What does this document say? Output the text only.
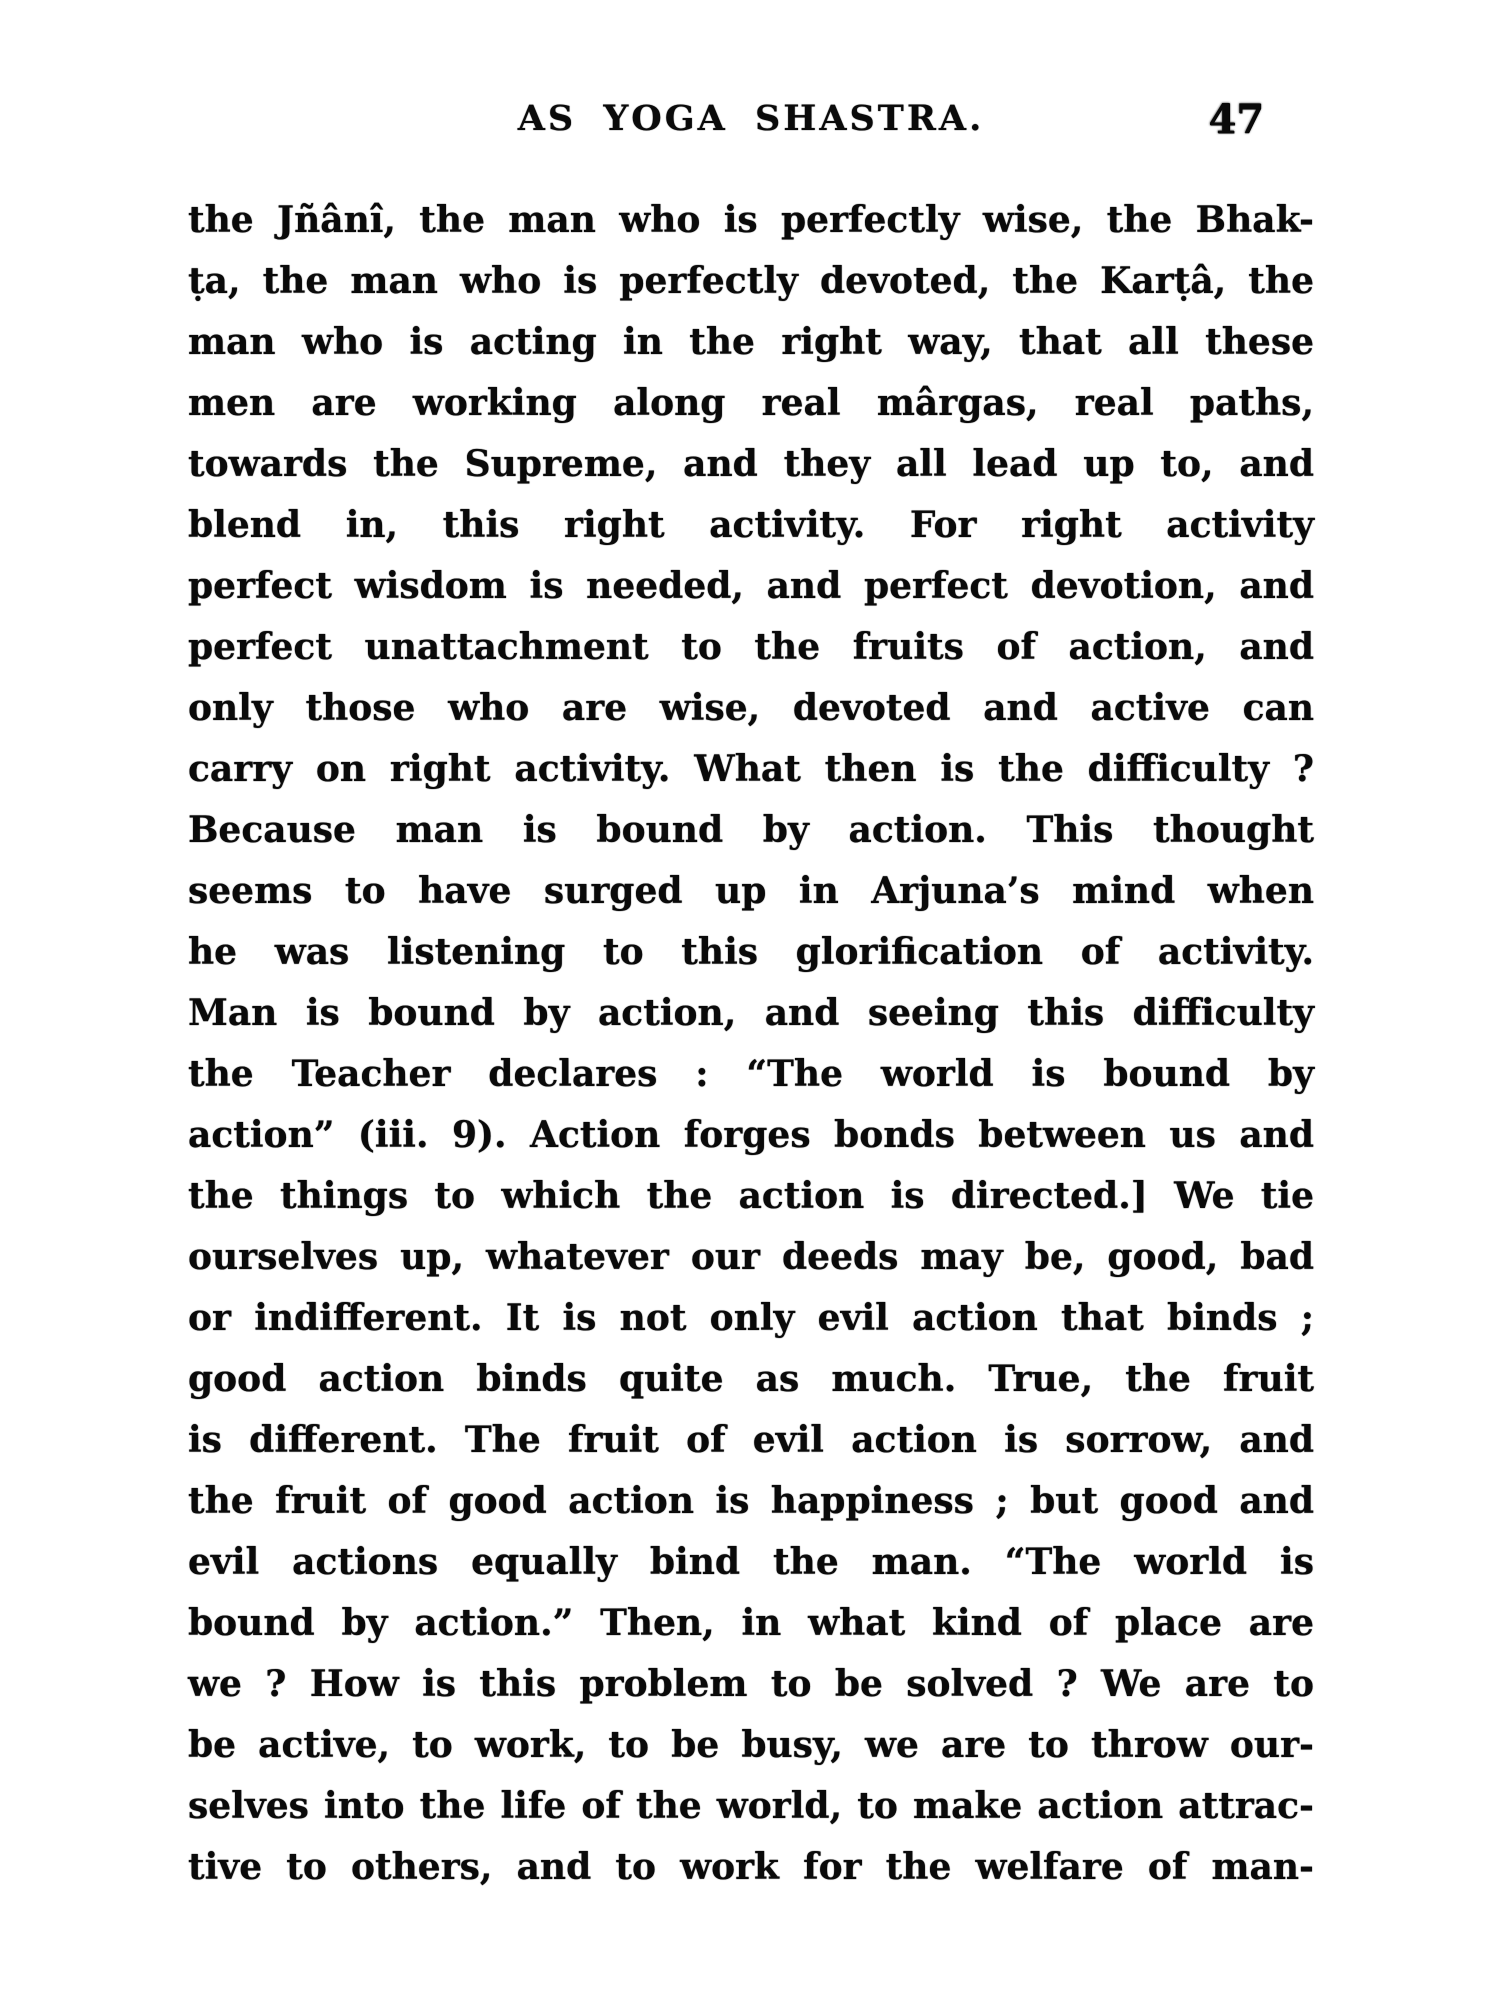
AS YOGA SHASTRA.	47
the Jñânî, the man who is perfectly wise, the Bhak-
ṭa, the man who is perfectly devoted, the Karṭâ, the
man who is acting in the right way, that all these
men are working along real mârgas, real paths,
towards the Supreme, and they all lead up to, and
blend in, this right activity. For right activity
perfect wisdom is needed, and perfect devotion, and
perfect unattachment to the fruits of action, and
only those who are wise, devoted and active can
carry on right activity. What then is the difficulty ?
Because man is bound by action. This thought
seems to have surged up in Arjuna’s mind when
he was listening to this glorification of activity.
Man is bound by action, and seeing this difficulty
the Teacher declares : “The world is bound by
action” (iii. 9). Action forges bonds between us and
the things to which the action is directed.] We tie
ourselves up, whatever our deeds may be, good, bad
or indifferent. It is not only evil action that binds ;
good action binds quite as much. True, the fruit
is different. The fruit of evil action is sorrow, and
the fruit of good action is happiness ; but good and
evil actions equally bind the man. “The world is
bound by action.” Then, in what kind of place are
we ? How is this problem to be solved ? We are to
be active, to work, to be busy, we are to throw our-
selves into the life of the world, to make action attrac-
tive to others, and to work for the welfare of man-
